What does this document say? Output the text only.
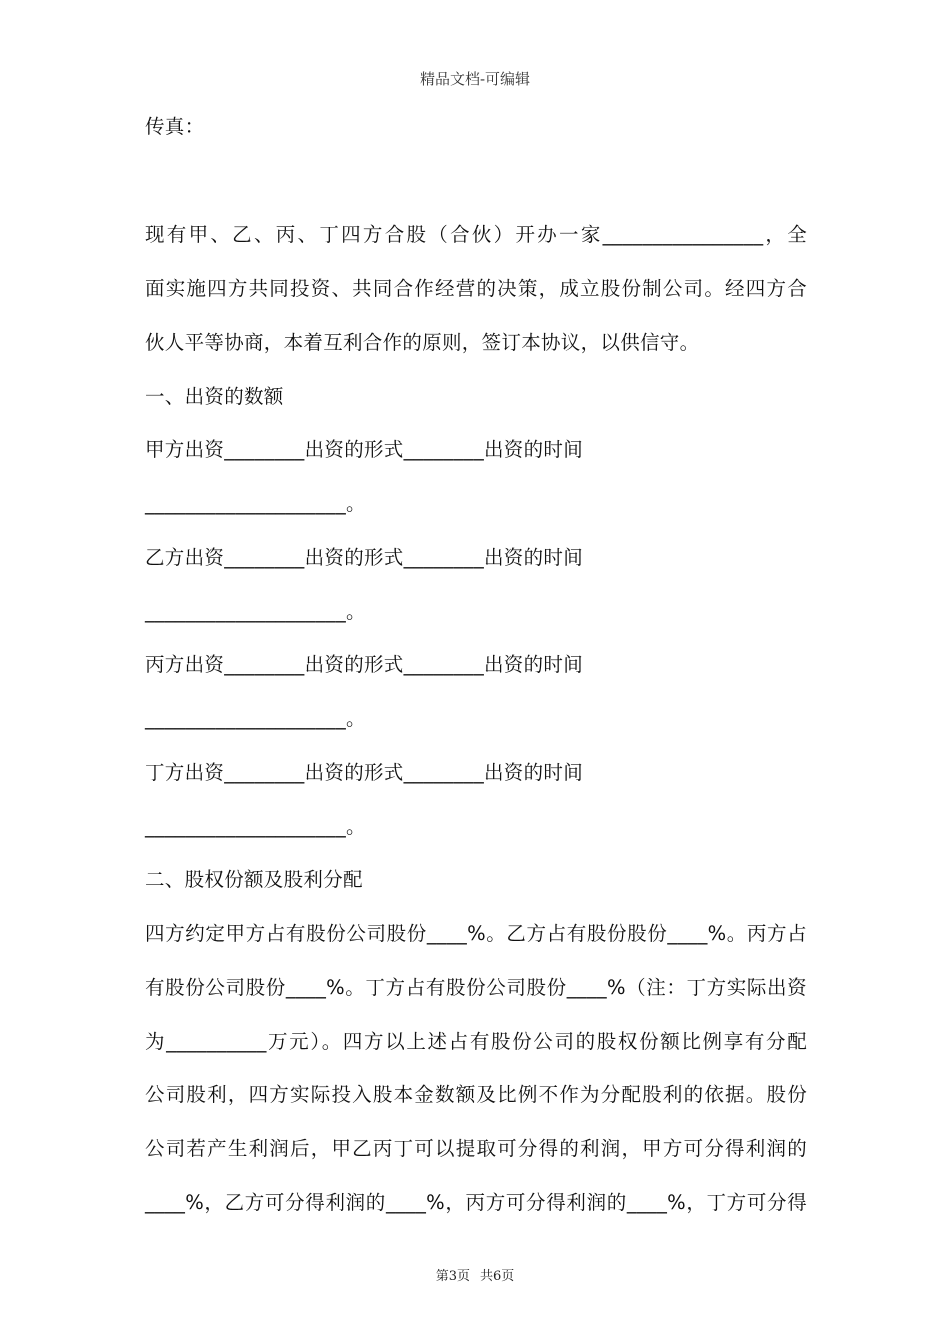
精品文档-可编辑
传真：
现有甲、乙、丙、丁四方合股（合伙）开办一家________________，全
面实施四方共同投资、共同合作经营的决策，成立股份制公司。经四方合
伙人平等协商，本着互利合作的原则，签订本协议，以供信守。
一、出资的数额
甲方出资________出资的形式________出资的时间
____________________。
乙方出资________出资的形式________出资的时间
____________________。
丙方出资________出资的形式________出资的时间
____________________。
丁方出资________出资的形式________出资的时间
____________________。
二、股权份额及股利分配
四方约定甲方占有股份公司股份____%。乙方占有股份股份____%。丙方占
有股份公司股份____%。丁方占有股份公司股份____%（注：丁方实际出资
为__________万元）。四方以上述占有股份公司的股权份额比例享有分配
公司股利，四方实际投入股本金数额及比例不作为分配股利的依据。股份
公司若产生利润后，甲乙丙丁可以提取可分得的利润，甲方可分得利润的
____%，乙方可分得利润的____%，丙方可分得利润的____%，丁方可分得
第3页 共6页
